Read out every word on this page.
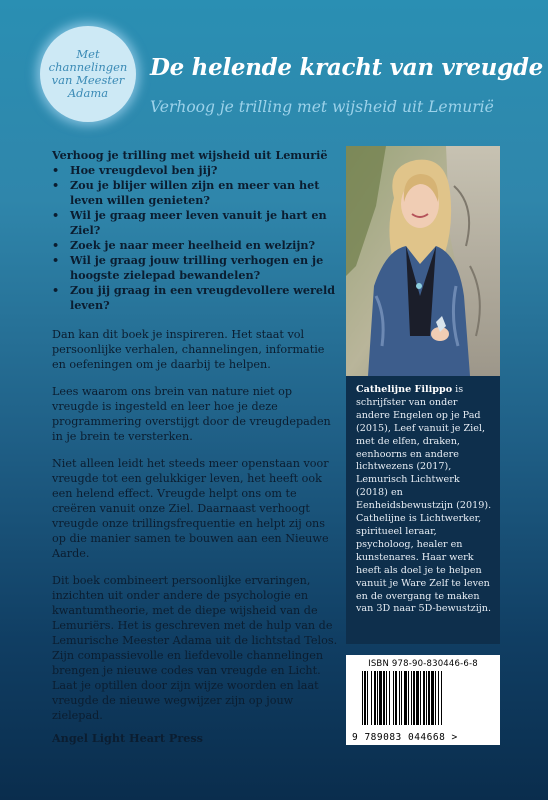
Met
channelingen
van Meester
Adama
De helende kracht van vreugde
Verhoog je trilling met wijsheid uit Lemurië
Verhoog je trilling met wijsheid uit Lemurië
• Hoe vreugdevol ben jij?
• Zou je blijer willen zijn en meer van het leven willen genieten?
• Wil je graag meer leven vanuit je hart en Ziel?
• Zoek je naar meer heelheid en welzijn?
• Wil je graag jouw trilling verhogen en je hoogste zielepad bewandelen?
• Zou jij graag in een vreugdevollere wereld leven?

Dan kan dit boek je inspireren. Het staat vol persoonlijke verhalen, channelingen, informatie en oefeningen om je daarbij te helpen.

Lees waarom ons brein van nature niet op vreugde is ingesteld en leer hoe je deze programmering overstijgt door de vreugdepaden in je brein te versterken.

Niet alleen leidt het steeds meer openstaan voor vreugde tot een gelukkiger leven, het heeft ook een helend effect. Vreugde helpt ons om te creëren vanuit onze Ziel. Daarnaast verhoogt vreugde onze trillingsfrequentie en helpt zij ons op die manier samen te bouwen aan een Nieuwe Aarde.

Dit boek combineert persoonlijke ervaringen, inzichten uit onder andere de psychologie en kwantumtheorie, met de diepe wijsheid van de Lemuriërs. Het is geschreven met de hulp van de Lemurische Meester Adama uit de lichtstad Telos. Zijn compassievolle en liefdevolle channelingen brengen je nieuwe codes van vreugde en Licht. Laat je optillen door zijn wijze woorden en laat vreugde de nieuwe wegwijzer zijn op jouw zielepad.

Angel Light Heart Press
Cathelijne Filippo is schrijfster van onder andere Engelen op je Pad (2015), Leef vanuit je Ziel, met de elfen, draken, eenhoorns en andere lichtwezens (2017), Lemurisch Lichtwerk (2018) en Eenheidsbewustzijn (2019). Cathelijne is Lichtwerker, spiritueel leraar, psycholoog, healer en kunstenares. Haar werk heeft als doel je te helpen vanuit je Ware Zelf te leven en de overgang te maken van 3D naar 5D-bewustzijn.
ISBN 978-90-830446-6-8
9 789083 044668 >
